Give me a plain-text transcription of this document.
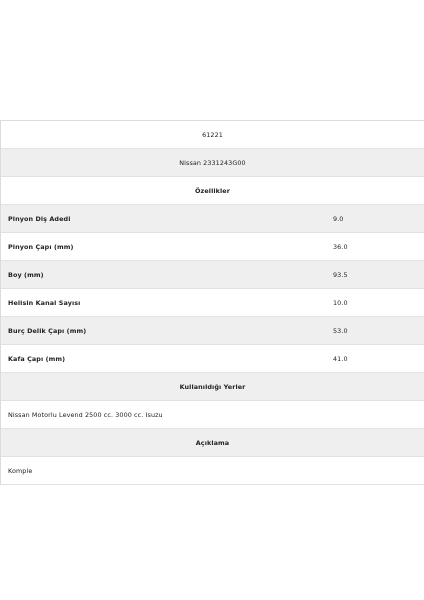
61221
Nissan 2331243G00
Özellikler
Pinyon Diş Adedi	9.0
Pinyon Çapı (mm)	36.0
Boy (mm)	93.5
Helisin Kanal Sayısı	10.0
Burç Delik Çapı (mm)	53.0
Kafa Çapı (mm)	41.0
Kullanıldığı Yerler
Nissan Motorlu Levend 2500 cc. 3000 cc. Isuzu
Açıklama
Komple
